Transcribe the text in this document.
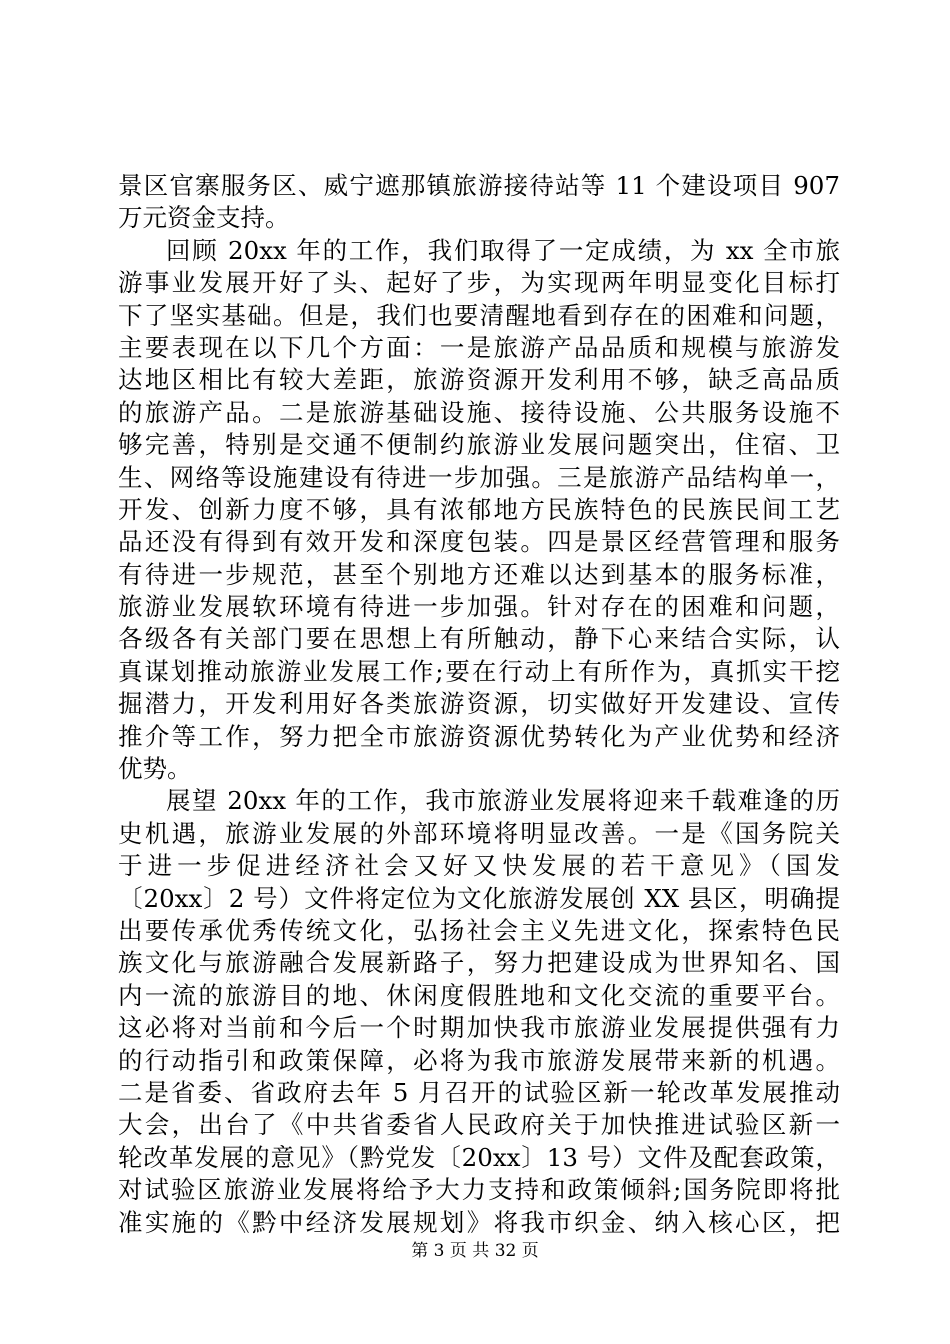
景区官寨服务区、威宁遮那镇旅游接待站等 11 个建设项目 907
万元资金支持。
回顾 20xx 年的工作，我们取得了一定成绩，为 xx 全市旅
游事业发展开好了头、起好了步，为实现两年明显变化目标打
下了坚实基础。但是，我们也要清醒地看到存在的困难和问题，
主要表现在以下几个方面：一是旅游产品品质和规模与旅游发
达地区相比有较大差距，旅游资源开发利用不够，缺乏高品质
的旅游产品。二是旅游基础设施、接待设施、公共服务设施不
够完善，特别是交通不便制约旅游业发展问题突出，住宿、卫
生、网络等设施建设有待进一步加强。三是旅游产品结构单一，
开发、创新力度不够，具有浓郁地方民族特色的民族民间工艺
品还没有得到有效开发和深度包装。四是景区经营管理和服务
有待进一步规范，甚至个别地方还难以达到基本的服务标准，
旅游业发展软环境有待进一步加强。针对存在的困难和问题，
各级各有关部门要在思想上有所触动，静下心来结合实际，认
真谋划推动旅游业发展工作;要在行动上有所作为，真抓实干挖
掘潜力，开发利用好各类旅游资源，切实做好开发建设、宣传
推介等工作，努力把全市旅游资源优势转化为产业优势和经济
优势。
展望 20xx 年的工作，我市旅游业发展将迎来千载难逢的历
史机遇，旅游业发展的外部环境将明显改善。一是《国务院关
于进一步促进经济社会又好又快发展的若干意见》（国发
〔20xx〕2 号）文件将定位为文化旅游发展创 XX 县区，明确提
出要传承优秀传统文化，弘扬社会主义先进文化，探索特色民
族文化与旅游融合发展新路子，努力把建设成为世界知名、国
内一流的旅游目的地、休闲度假胜地和文化交流的重要平台。
这必将对当前和今后一个时期加快我市旅游业发展提供强有力
的行动指引和政策保障，必将为我市旅游发展带来新的机遇。
二是省委、省政府去年 5 月召开的试验区新一轮改革发展推动
大会，出台了《中共省委省人民政府关于加快推进试验区新一
轮改革发展的意见》（黔党发〔20xx〕13 号）文件及配套政策，
对试验区旅游业发展将给予大力支持和政策倾斜;国务院即将批
准实施的《黔中经济发展规划》将我市织金、纳入核心区，把
第 3 页 共 32 页
